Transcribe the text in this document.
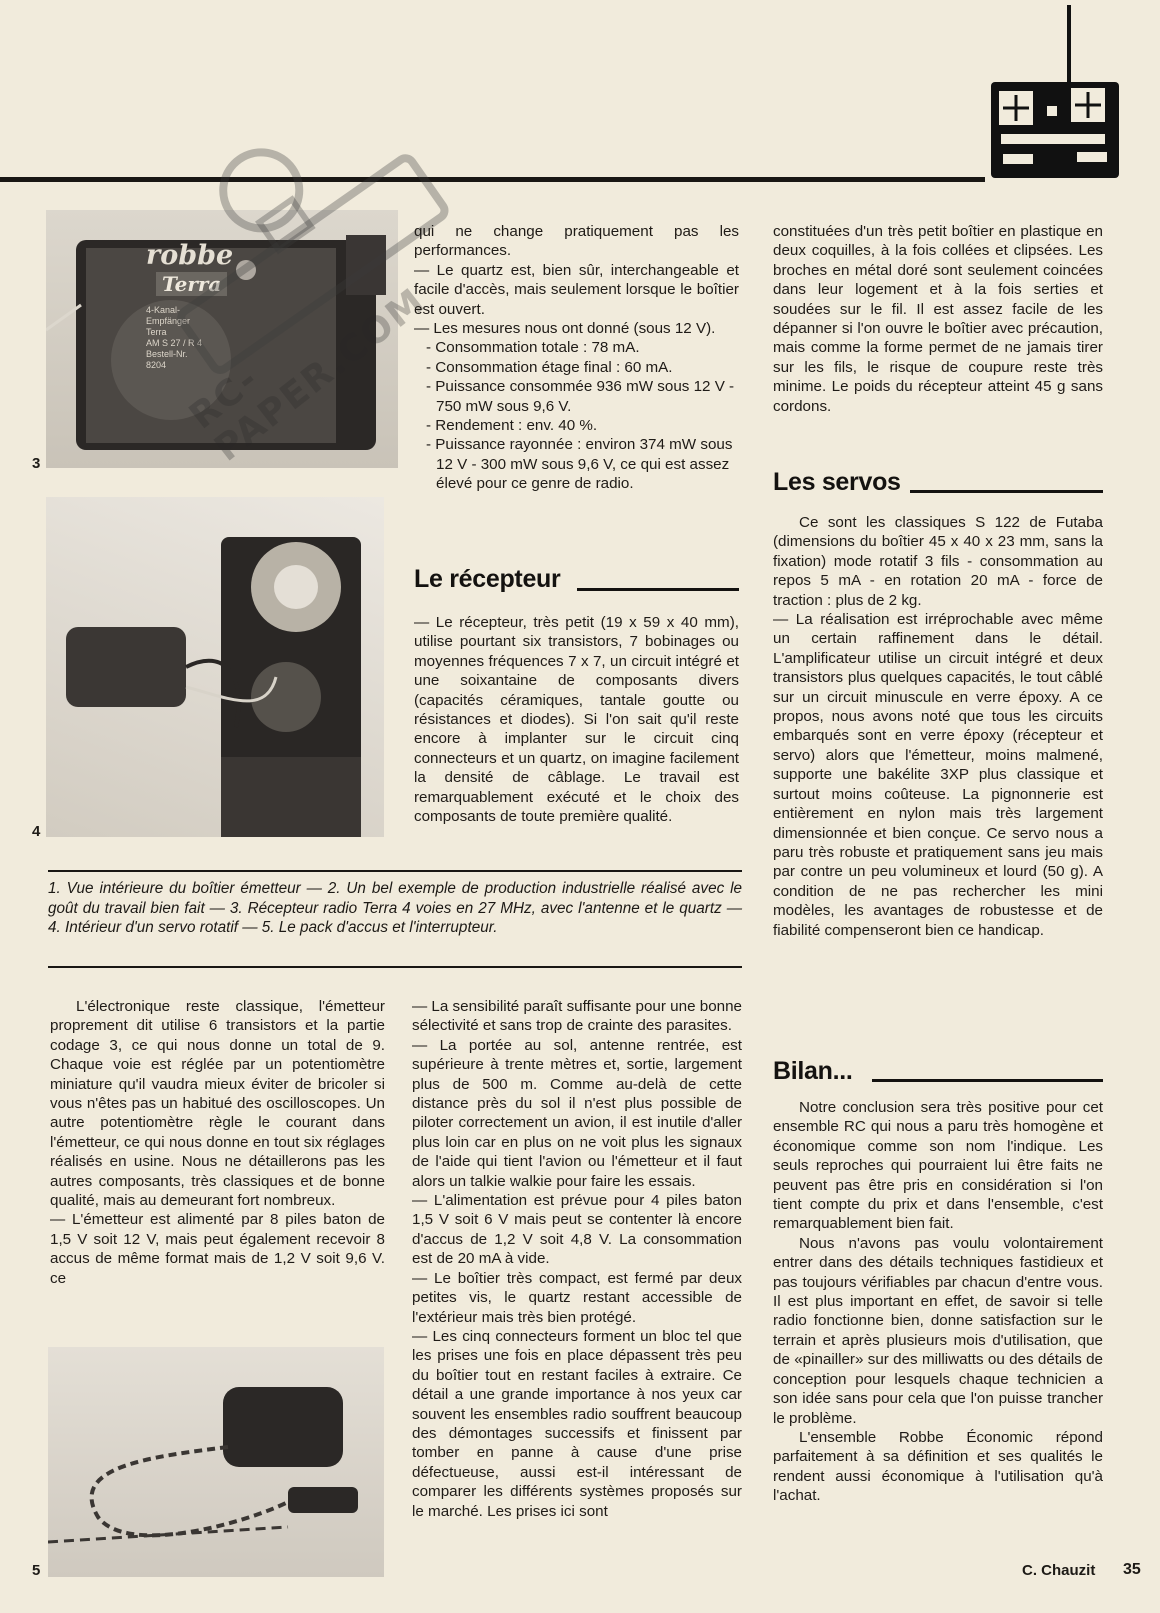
robbe
Terra
4-Kanal-
Empfänger
Terra
AM S 27 / R 4
Bestell-Nr.
8204
3
4
RC-PAPER.COM
qui ne change pratiquement pas les performances.
— Le quartz est, bien sûr, interchangeable et facile d'accès, mais seulement lorsque le boîtier est ouvert.
— Les mesures nous ont donné (sous 12 V).
- Consommation totale : 78 mA.
- Consommation étage final : 60 mA.
- Puissance consommée 936 mW sous 12 V - 750 mW sous 9,6 V.
- Rendement : env. 40 %.
- Puissance rayonnée : environ 374 mW sous 12 V - 300 mW sous 9,6 V, ce qui est assez élevé pour ce genre de radio.
Le récepteur
— Le récepteur, très petit (19 x 59 x 40 mm), utilise pourtant six transistors, 7 bobinages ou moyennes fréquences 7 x 7, un circuit intégré et une soixantaine de composants divers (capacités céramiques, tantale goutte ou résistances et diodes). Si l'on sait qu'il reste encore à implanter sur le circuit cinq connecteurs et un quartz, on imagine facilement la densité de câblage. Le travail est remarquablement exécuté et le choix des composants de toute première qualité.
constituées d'un très petit boîtier en plastique en deux coquilles, à la fois collées et clipsées. Les broches en métal doré sont seulement coincées dans leur logement et à la fois serties et soudées sur le fil. Il est assez facile de les dépanner si l'on ouvre le boîtier avec précaution, mais comme la forme permet de ne jamais tirer sur les fils, le risque de coupure reste très minime. Le poids du récepteur atteint 45 g sans cordons.
Les servos
Ce sont les classiques S 122 de Futaba (dimensions du boîtier 45 x 40 x 23 mm, sans la fixation) mode rotatif 3 fils - consommation au repos 5 mA - en rotation 20 mA - force de traction : plus de 2 kg.
— La réalisation est irréprochable avec même un certain raffinement dans le détail. L'amplificateur utilise un circuit intégré et deux transistors plus quelques capacités, le tout câblé sur un circuit minuscule en verre époxy. A ce propos, nous avons noté que tous les circuits embarqués sont en verre époxy (récepteur et servo) alors que l'émetteur, moins malmené, supporte une bakélite 3XP plus classique et surtout moins coûteuse. La pignonnerie est entièrement en nylon mais très largement dimensionnée et bien conçue. Ce servo nous a paru très robuste et pratiquement sans jeu mais par contre un peu volumineux et lourd (50 g). A condition de ne pas rechercher les mini modèles, les avantages de robustesse et de fiabilité compenseront bien ce handicap.
1. Vue intérieure du boîtier émetteur — 2. Un bel exemple de production industrielle réalisé avec le goût du travail bien fait — 3. Récepteur radio Terra 4 voies en 27 MHz, avec l'antenne et le quartz — 4. Intérieur d'un servo rotatif — 5. Le pack d'accus et l'interrupteur.
L'électronique reste classique, l'émetteur proprement dit utilise 6 transistors et la partie codage 3, ce qui nous donne un total de 9. Chaque voie est réglée par un potentiomètre miniature qu'il vaudra mieux éviter de bricoler si vous n'êtes pas un habitué des oscilloscopes. Un autre potentiomètre règle le courant dans l'émetteur, ce qui nous donne en tout six réglages réalisés en usine. Nous ne détaillerons pas les autres composants, très classiques et de bonne qualité, mais au demeurant fort nombreux.
— L'émetteur est alimenté par 8 piles baton de 1,5 V soit 12 V, mais peut également recevoir 8 accus de même format mais de 1,2 V soit 9,6 V. ce
5
— La sensibilité paraît suffisante pour une bonne sélectivité et sans trop de crainte des parasites.
— La portée au sol, antenne rentrée, est supérieure à trente mètres et, sortie, largement plus de 500 m. Comme au-delà de cette distance près du sol il n'est plus possible de piloter correctement un avion, il est inutile d'aller plus loin car en plus on ne voit plus les signaux de l'aide qui tient l'avion ou l'émetteur et il faut alors un talkie walkie pour faire les essais.
— L'alimentation est prévue pour 4 piles baton 1,5 V soit 6 V mais peut se contenter là encore d'accus de 1,2 V soit 4,8 V. La consommation est de 20 mA à vide.
— Le boîtier très compact, est fermé par deux petites vis, le quartz restant accessible de l'extérieur mais très bien protégé.
— Les cinq connecteurs forment un bloc tel que les prises une fois en place dépassent très peu du boîtier tout en restant faciles à extraire. Ce détail a une grande importance à nos yeux car souvent les ensembles radio souffrent beaucoup des démontages successifs et finissent par tomber en panne à cause d'une prise défectueuse, aussi est-il intéressant de comparer les différents systèmes proposés sur le marché. Les prises ici sont
Bilan...
Notre conclusion sera très positive pour cet ensemble RC qui nous a paru très homogène et économique comme son nom l'indique. Les seuls reproches qui pourraient lui être faits ne peuvent pas être pris en considération si l'on tient compte du prix et dans l'ensemble, c'est remarquablement bien fait.
Nous n'avons pas voulu volontairement entrer dans des détails techniques fastidieux et pas toujours vérifiables par chacun d'entre vous. Il est plus important en effet, de savoir si telle radio fonctionne bien, donne satisfaction sur le terrain et après plusieurs mois d'utilisation, que de «pinailler» sur des milliwatts ou des détails de conception pour lesquels chaque technicien a son idée sans pour cela que l'on puisse trancher le problème.
L'ensemble Robbe Économic répond parfaitement à sa définition et ses qualités le rendent aussi économique à l'utilisation qu'à l'achat.
C. Chauzit 35
